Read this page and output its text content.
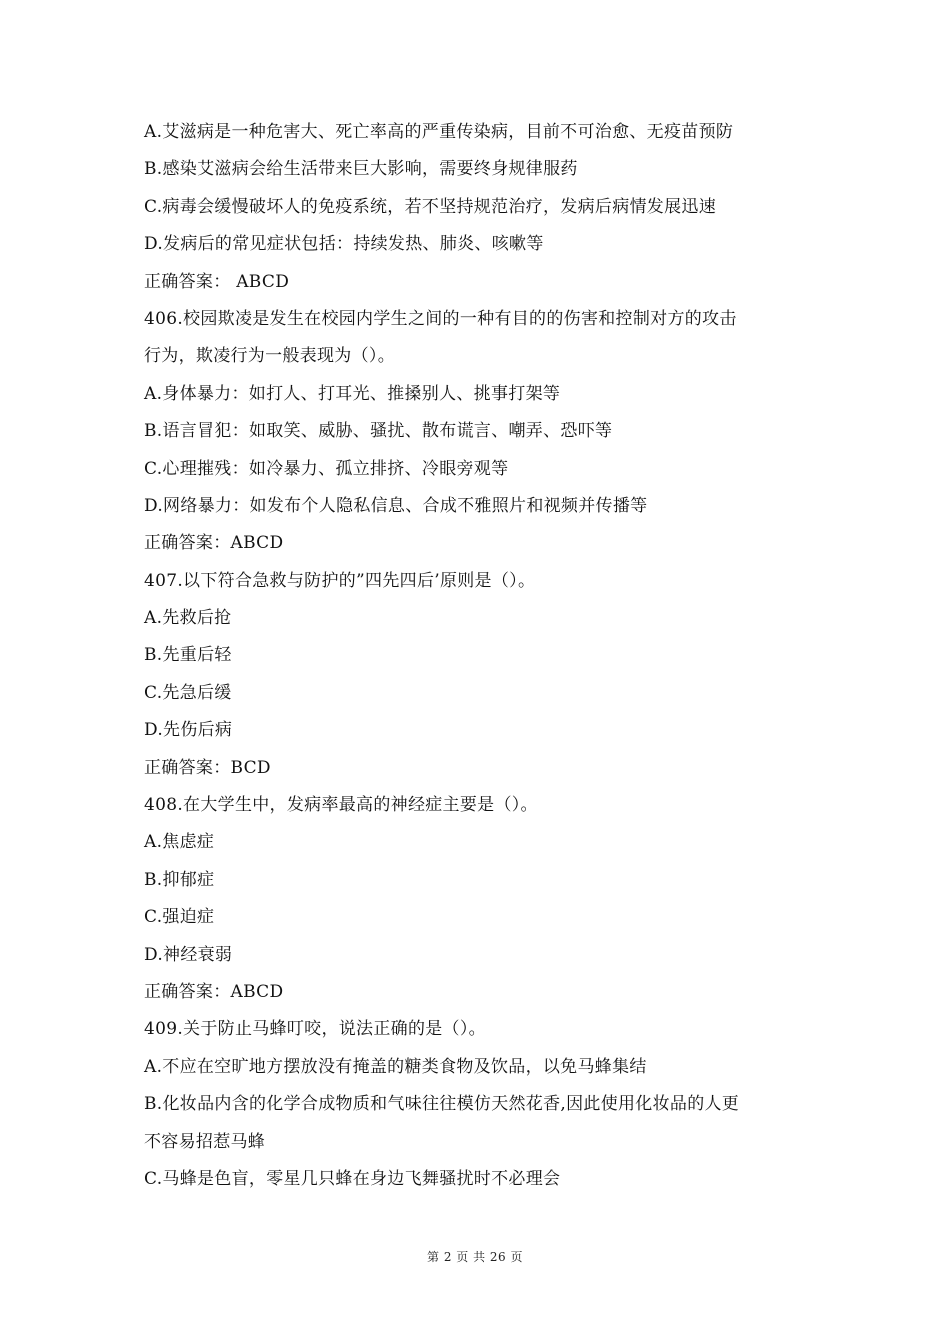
A.艾滋病是一种危害大、死亡率高的严重传染病，目前不可治愈、无疫苗预防
B.感染艾滋病会给生活带来巨大影响，需要终身规律服药
C.病毒会缓慢破坏人的免疫系统，若不坚持规范治疗，发病后病情发展迅速
D.发病后的常见症状包括：持续发热、肺炎、咳嗽等
正确答案： ABCD
406.校园欺凌是发生在校园内学生之间的一种有目的的伤害和控制对方的攻击
行为，欺凌行为一般表现为（）。
A.身体暴力：如打人、打耳光、推搡别人、挑事打架等
B.语言冒犯：如取笑、威胁、骚扰、散布谎言、嘲弄、恐吓等
C.心理摧残：如冷暴力、孤立排挤、冷眼旁观等
D.网络暴力：如发布个人隐私信息、合成不雅照片和视频并传播等
正确答案：ABCD
407.以下符合急救与防护的”四先四后’原则是（）。
A.先救后抢
B.先重后轻
C.先急后缓
D.先伤后病
正确答案：BCD
408.在大学生中，发病率最高的神经症主要是（）。
A.焦虑症
B.抑郁症
C.强迫症
D.神经衰弱
正确答案：ABCD
409.关于防止马蜂叮咬，说法正确的是（）。
A.不应在空旷地方摆放没有掩盖的糖类食物及饮品，以免马蜂集结
B.化妆品内含的化学合成物质和气味往往模仿天然花香,因此使用化妆品的人更
不容易招惹马蜂
C.马蜂是色盲，零星几只蜂在身边飞舞骚扰时不必理会
第 2 页 共 26 页
